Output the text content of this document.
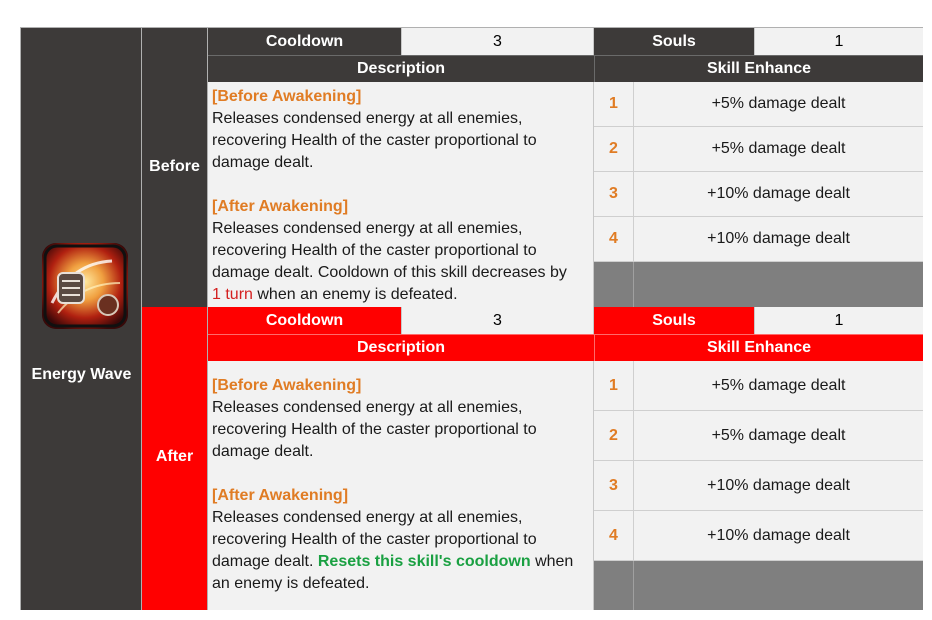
Energy Wave
Before
Cooldown	3	Souls	1
Description	Skill Enhance

[Before Awakening]

Releases condensed energy at all enemies, recovering Health of the caster proportional to damage dealt.

[After Awakening]

Releases condensed energy at all enemies, recovering Health of the caster proportional to damage dealt. Cooldown of this skill decreases by 1 turn when an enemy is defeated.

1	+5% damage dealt
2	+5% damage dealt
3	+10% damage dealt
4	+10% damage dealt
After
Cooldown	3	Souls	1
Description	Skill Enhance

[Before Awakening]

Releases condensed energy at all enemies, recovering Health of the caster proportional to damage dealt.

[After Awakening]

Releases condensed energy at all enemies, recovering Health of the caster proportional to damage dealt. Resets this skill's cooldown when an enemy is defeated.

1	+5% damage dealt
2	+5% damage dealt
3	+10% damage dealt
4	+10% damage dealt
